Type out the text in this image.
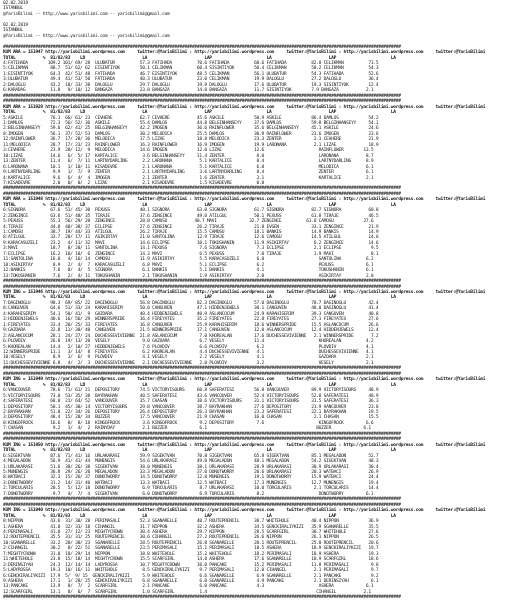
02.02.2019
ISTANBUL
@YarisBilimi -- http://www.yarisbilimi.com -- yarisbilimi@gmail.com
02.02.2019
ISTANBUL
@YarisBilimi -- http://www.yarisbilimi.com -- yarisbilimi@gmail.com
################################################################################################################################################################
KUM ARA = 151947 http://yarisbilimi.wordpress.com     twitter:@YarisBilimi : http://yarisbilimi.wordpress.com     twitter:@YarisBilimi : http://yarisbilimi.wordpress.com     twitter:@YarisBilimi
TOTAL           %  81/82/83    LD                       LA                       LAP                      LA                       LAP                      LA
4:FATIHADA        109.2 101/ 69/ 28  ULUBATUR          57.3 FATIHADA          70.6 FATIHADA          68.6 FATIHADA          82.8 CELIKMAN          71.5
5:CELIKMAN         88.7  51/ 62/ 62  EISINTIYOK        50.1 CELIKMAN          60.4 SISINTIYOK        50.4 CELIKMAN          58.2 CELIKMAN          54.3
1:EISINTIYOK       64.3  42/ 51/ 48  FATIHADA          46.7 EISINTIYOK        48.5 CELIKMAN          56.1 ULUBATUR          54.3 FATIHADA          52.6
3:ULUBATUR         49.4  41/ 53/ 50  FATIHADA          40.3 ULUBATUR          23.0 CELIKMAN          19.9 DALOGLU           27.2 DALOGLU           36.4
2:DALOGLU          43.2  18/ 33/ 38  DALOGLU           29.7 DALOGLU           19.9 DALOGLU           17.6 ULUBATUR          19.3 SISINTIYOK        12.4
6:KARADAG          11.8   9/ 10/ 12  BANGAZA           23.8 BANGAZA           14.0 BANGAZA           11.7 SISINTIYOK        7.9 BANGAZA           2.1
################################################################################################################################################################
################################################################################################################################################################
KUM ARA = 151929 http://yarisbilimi.wordpress.com     twitter:@YarisBilimi : http://yarisbilimi.wordpress.com     twitter:@YarisBilimi : http://yarisbilimi.wordpress.com     twitter:@YarisBilimi
TOTAL           %  81/82/83    LD                       LA                       LAP                      LA                       LAP                      LA
5:ASKILE           76.1  66/ 61/ 23  CEVHERE           62.7 CEVHERE           45.6 ASKILE            50.9 ASKILE            86.4 DAMLOS            54.2
1:DAMLOS           72.3  56/ 52/ 36  ASKILE            55.4 DAMLOS            44.8 BELGINHANSEYY     37.6 DAMLOS            59.8 BELGINHANSEYY     54.1
2:BELGINHANSEYY    59.6  62/ 41/ 25  BELGINHANSEYY     42.2 IMOGEN            36.6 RAINFLOWER        35.6 BELGINHANSEYY     45.1 ASKILE            24.6
8:IMOGEN           56.1  37/ 52/ 53  DAMLOS            30.2 MELODICA          25.5 DAMLOS            30.9 RAINFLOWER        23.6 IMOGEN            23.6
12:RAINFLOWER      36.7  17/ 28/ 36  MELODICA          17.5 LIZAE             18.8 MELODICA          23.3 ZENTER             2.1 CEVHERE           21.9
11:MELODICA        28.7  17/ 23/ 23  RAINFLOWER        16.3 RAINFLOWER        16.9 IMOGEN            19.9 LARONANA           2.1 LIZAE             18.9
3:CEVHERE          23.9  20/ 12/  9  MELODICA          14.6 IMOGEN            12.0 LIZAE             12.6                      RAINFLOWER        13.5
10:LIZAE           14.6   6/  5/ 17  KARTALICE          3.6 BELGINHANSEYY     11.4 ZENTER             8.0                      LARONANA           8.7
13:ZENTER          11.4   6/  7/ 11  LARTNYDARLING      2.2 LARONANA           5.1 KARTALICE          8.4                      LARTNYDARLING      8.9
6:LARONANA         10.1   1/ 10/ 11  KISADEVRE          2.1 LARONANA           5.1 KARTALICE          6.0                      MELODICA           6.1
9:LARTNYDARLING     9.9   1/  7/  9  ZENTER             2.1 LARTNYDARLING      3.6 LARTNYDARLING      8.4                      ZENTER             6.1
4:KARTALICE         9.6   6/  4/  4  IMOGEN             2.1 ZENTER             1.6 ZENTER             3.1                      KARTALICE          2.1
7:KISADEVRE         2.0   0/  0/  2  LIZAE              2.1 KISADEVRE          1.5 KISADEVRE          0.8
################################################################################################################################################################
################################################################################################################################################################
KUM ARA = 151948 http://yarisbilimi.wordpress.com     twitter:@YarisBilimi : http://yarisbilimi.wordpress.com     twitter:@YarisBilimi : http://yarisbilimi.wordpress.com     twitter:@YarisBilimi
TOTAL           %  81/82/83    LD                       LA                       LAP                      LA                       LAP                      LA
6:SIGNORA          67.6  51/ 45/ 30  PEXUSS            40.1 SIGNORA           63.0 SIGNORA           61.7 SIGNORA           82.7 SIGNORA           60.8
2:ZENGINCE         63.6  51/ 48/ 35  TIRAJE            37.6 ZENGINCE          49.0 ATILGUL           50.1 PEXUSS            61.8 TIRAJE            46.5
5:PEXUSS           55.3  56/ 29/ 20  ZENGINCE          28.8 CAMOSU           40.7 MAVI             32.7 ZENGINCE          61.0 CAMOSU            27.6
4:TIRAJE           44.8  40/ 38/ 37  ECLIPSE           27.6 ZENGINCE          26.2 TIRAJE            21.8 EVGEN             33.1 ZENGINCE          21.9
1:CAMOSU           38.7  19/ 44/ 33  ATILGUL           26.2 TIRAJE            15.5 CAMOSU            18.1 BANKIS            14.9 BANKIS            14.9
8:ATILGUL          33.7  20/ 17/ 11  ASIKIRTAY         21.0 SANTOLINA         12.9 TIRAJE            12.6 CAMOSU            14.5 ATILGUL           14.6
9:KARACASUZELI     23.2   4/ 11/ 32  MAVI              14.6 ECLIPSE           10.1 TOKUSHANIN        11.9 ASIKIRTAY          6.2 ZENGINCE          14.6
3:MAVI             18.7   8/ 20/ 11  SANTOLINA         14.1 PEXUSS             7.6 SIGNORA            7.3 ECLIPSE            2.1 ECLIPSE            9.5
7:ECLIPSE          16.2  10/ 10/  6  ZENGINCE          14.3 MAVI               6.5 PEXUSS             7.0 TIRAJE             1.9 MAVI               8.1
11:SANTOLINA       16.0   4/ 16/ 14  CAMOSU            11.9 ASIKIRTAY          5.5 KARACASUZELI       6.8                      SANTOLINA          6.2
10:ASIKIRTAY        8.9   2/  4/  7  KARACASUZELI       6.8 MAVI               5.1 ECLIPSE            6.2                      PEXUSS             6.1
12:BANKIS           7.6   0/  4/  5  SIGNORA            6.1 BANKIS             5.1 BANKIS             4.1                      TOKUSHANIN         6.1
13:TOKUSHANIN       7.6   2/  4/ 11  TOKUSHANIN         2.1 TOKUSHANIN         1.9 ASIKIRTAY          2.0                      ASIKIRTAY          2.0
################################################################################################################################################################
################################################################################################################################################################
KUM ING = 151946 http://yarisbilimi.wordpress.com     twitter:@YarisBilimi : http://yarisbilimi.wordpress.com     twitter:@YarisBilimi : http://yarisbilimi.wordpress.com     twitter:@YarisBilimi
TOTAL           %  81/82/83    LD                       LA                       LAP                      LA                       LAP                      LA
7:DAGINOGLU        98.3  69/ 85/ 22  DAGINOGLU         56.8 DAGINOGLU         82.3 DAGINOGLU         57.0 DAGINOGLU         78.7 DAGINOGLU         42.4
8:CANGUVEN         64.6  51/ 33/ 24  KARAHISERIM       50.0 CANGUVEN          47.1 HIDDENJEWELS      30.1 CANGUVEN          48.0 DAGINOGLU         41.4
4:KARAHISERIM      54.1  50/ 41/  9  GAZOARA           40.4 HIDDENJEWELS      40.9 ASLANCOCUM        24.9 KARAHISERIM       39.3 CANGUVEN          40.8
3:HIDDENJEWELS     40.6  16/ 56/ 29  WINNERSPRIDE      16.4 FIREYATES         35.2 FIREYATES         22.8 FIREYATES         27.1 FIREYATES         27.6
1:FIREYATES        33.4  20/ 25/ 33  FIREYATES         16.8 CANGUVEN          25.9 KARAHISERIM       18.6 WINNERSPRIDE      15.5 ASLANCOCUM        26.6
9:GAZOARA          32.8  11/ 30/ 40  CANGUVEN          21.5 WINNERSPRIDE      17.1 CANGUVEN          12.0 ASLANCOCUM        12.4 HIDDENJEWELS      12.4
2:ASLANCOCUM       28.1  24/ 27/ 24  DUCHESSEVIVIENNE  21.8 ASLANCOCUM         7.0 KHOREALAN         17.6 DUCHESSEVIVIENNE   2.1 WINNERSPRIDE       7.2
6:PLOVDIV          26.8  19/ 13/ 20  VESELY             9.0 GAZOARA            6.7 VESELY            11.4                      KHOREALAN          4.2
5:KHOREALAN        14.4   2/ 10/ 27  HIDDENJEWELS       7.6 PLOVDIV            6.6 PLOVDIV            6.2                      PLOVDIV            4.1
12:WINNERSPRIDE    11.1   3/ 14/  8  FIREYATES          6.2 KHOREALAN          4.4 DUCHESSEVIVIENNE   4.1                      DUCHESSEVIVIENNE   4.1
10:VESELY           8.9   1/  6/  9  PLOVDIV            4.1 VESELY             2.2 VESELY             4.1                      GAZOARA            2.1
11:DUCHESSEVIVIENNE 6.8   4/  2/  3  DUCHESSEVIVIENNE   2.1 DUCHESSEVIVIENNE   2.0 PLOVDIV            3.2                      VESELY             2.1
################################################################################################################################################################
################################################################################################################################################################
KUM ING = 151949 http://yarisbilimi.wordpress.com     twitter:@YarisBilimi : http://yarisbilimi.wordpress.com     twitter:@YarisBilimi : http://yarisbilimi.wordpress.com     twitter:@YarisBilimi
TOTAL           %  81/82/83    LD                       LA                       LAP                      LA                       LAP                      LA
6:VANCOUVER        78.6  71/ 61/ 21  DEPOSITORY        74.5 VICTORYISOURS     60.8 SAFERATESI        56.8 VANCOUVER         89.9 VICTORYISOURS     48.9
5:VICTORYISOURS    73.0  53/ 35/ 38  BAYRAKHAN         40.5 SAFERATESI        43.6 VANCOUVER         52.4 VICTORYISOURS     52.0 SAFERATESI        48.9
4:SAFERATESI       68.8  21/ 64/ 52  VANCOUVER         35.7 CHASAN            38.6 VICTORYISOURS     31.1 VICTORYISOURS     31.5 SAFERATESI        36.3
1:DEPOSITORY       58.1  45/ 30/ 14  VICTORYISOURS     29.8 VANCOUVER         38.7 BAYRAKHAN         27.6 DEPOSITORY        21.9 VANCOUVER         23.8
2:BAYRAKHAN        51.0  22/ 34/ 26  DEPOSITORY        26.4 DEPOSITORY        26.3 BAYRAKHAN         23.3 SAFERATESI        22.1 BAYRAKHAN         19.5
3:DEPOSITORY       48.4  15/ 20/ 34  BUZZER            17.5 VANCOUVER         21.9 CHASAN            16.0 CHASAN             2.1 CHASAN            15.5
8:KINGOFROCK       16.6   8/  8/ 18  KINGOFROCK         3.6 KINGOFROCK         9.2 DEPOSITORY         7.6                      KINGOFROCK         6.6
7:CHASAN            9.2   1/  4/  2  RAINYDAY           2.1 BUZZER             6.1                                            BUZZER             6.1
################################################################################################################################################################
################################################################################################################################################################
KUM ING = 151950 http://yarisbilimi.wordpress.com     twitter:@YarisBilimi : http://yarisbilimi.wordpress.com     twitter:@YarisBilimi : http://yarisbilimi.wordpress.com     twitter:@YarisBilimi
TOTAL           %  81/82/83    LD                       LA                       LAP                      LA                       LAP                      LA
6:SIGEKTVAN        87.6  71/ 41/ 16  URLAKARASI        59.9 SIGEKTVAN         70.8 SIGEKTVAN         65.8 SIGEKTVAN         85.1 MEGALADON         52.7
4:MEGALADON        56.9  41/ 41/ 44  MUNENGIS          54.6 URLAKARASI        49.0 MEGALADON         48.1 MEGALADON         54.2 SIGEKTVAN         48.3
1:URLAKARASI       51.6  38/ 26/ 38  SIGEKTVAN         38.0 MUNENGIS          38.1 URLAKARASI        28.9 URLAKARASI        30.9 URLAKARASI        30.4
5:MUNENGIS         36.8  29/ 26/ 20  MEGALADON         33.3 MEGALADON         37.0 DONOTWORRY        20.6 URLAKARASI        20.3 WATBACI           26.9
8:WATBACI          32.3  15/ 26/ 37  DONOTWORRY        14.5 DONOTWORRY        12.8 MUNENGIS          19.1 DONOTWORRY        15.9 WATBACI           24.4
3:DONOTWORRY       31.2  14/ 31/ 40  WATBACI           13.3 WATBACI           12.5 WATBACI           17.3 MUNENGIS          12.7 MUNENGIS          19.4
2:TORCULARIS       20.5   5/ 12/ 18  DONOTWORRY         6.9 TORCULARIS         8.7 URLAKARASI        10.0 TORCULARIS         2.1 TORCULARIS        14.4
7:DONOTWORRY        9.7   4/  7/  4  SIGEKTVAN          6.0 DONOTWORRY         6.9 TORCULARIS         8.2                      DONOTWORRY         6.1
################################################################################################################################################################
################################################################################################################################################################
KUM ING = 151940 http://yarisbilimi.wordpress.com     twitter:@YarisBilimi : http://yarisbilimi.wordpress.com     twitter:@YarisBilimi : http://yarisbilimi.wordpress.com     twitter:@YarisBilimi
TOTAL           %  81/82/83    LD                       LA                       LAP                      LA                       LAP                      LA
8:NIPPON           43.6  31/ 30/ 28  PERIMASALI        52.3 SGANARELLE        40.7 ROUTEPRENCIL      38.7 WHITEHOLE         40.4 NIPPON            36.9
1:ASHERA           41.8  32/ 33/ 18  CIHANGIL          31.7 NIPPON            32.2 ASHERA            34.5 GENCKIRALIYKIZI   35.9 SGANARELLE        35.5
4:PERIMASALI       41.0  27/ 12/ 23  MIGHTYCROWN       30.4 ASHERA            29.7 NIPPON            28.5 SCARFGIRL         30.7 WHITEHOLE         27.6
12:ROUTEPRENCIL    35.5  31/ 31/ 25  ROUTEPRENCIL      30.6 CIHANGIL          27.2 ROUTEPRENCIL      26.6 NIPPON            26.1 NIPPON            26.5
10:SGANARELLE      33.2  20/ 30/ 23  SGANARELLE        28.5 ROUTEPRENCIL      26.8 SGANARELLE        20.1 ROUTEPRENCIL      25.0 ROUTEPRENCIL      20.6
2:CIHANGIL         30.2   8/ 22/ 51  SGANARELLE        23.5 PERIMASALI        15.1 PERIMASALI        18.5 ASHERA            18.9 GENCKIRALIYKIZI   19.7
7:MIGHTYCROWN      31.0  18/ 29/ 14  NIPPON            18.8 WHITEHOLE         15.2 WHITEHOLE         18.2 PERIMASALI        18.9 ASHERA            19.3
11:WHITEHOLE       23.8  15/ 18/ 14  MIGHTYCROWN       15.5 SCARFGIRL         14.8 ASHERA            17.6 SGANARELLE        18.9 SCARFGIRL         18.6
3:DERINSIYAH       24.3  12/ 14/ 14  LADYROSSA         10.7 MIGHTYCROWN       10.0 PANCAKE           15.2 PERIMASALI        11.8 PERIMASALI         9.8
5:LADYROSSA        19.3  10/ 16/ 11  WHITEHOLE          8.5 GENCKIRALIYKIZI    9.7 PERIMASALI        12.0 CIHANGIL           2.1 PERIMASALI         9.7
6:GENCKIRALIYKIZI  17.9  5/  9/ 15  GENCKIRALIYKIZI     5.9 WHITEHOLE          6.6 SGANARELLE         6.9 SGANARELLE         2.1 PANCAKE            9.2
9:ASHERA           17.1   1/ 28/ 25  GENCKIRALIYKIZI    6.8 SGANARELLE         6.0 SGANARELLE         4.9 PANCAKE            2.1 DERINSIYAH         6.1
13:PANCAKE         13.9   8/  7/  2  SCARFGIRL          2.1 PANCAKE            6.0 PANCAKE            4.3                      ASHERA             6.1
12:SCARFGIRL       13.1   8/  6/  7  SCARFGIRL          1.0 SCARFGIRL          1.4                                            CIHANGIL           2.1
################################################################################################################################################################
